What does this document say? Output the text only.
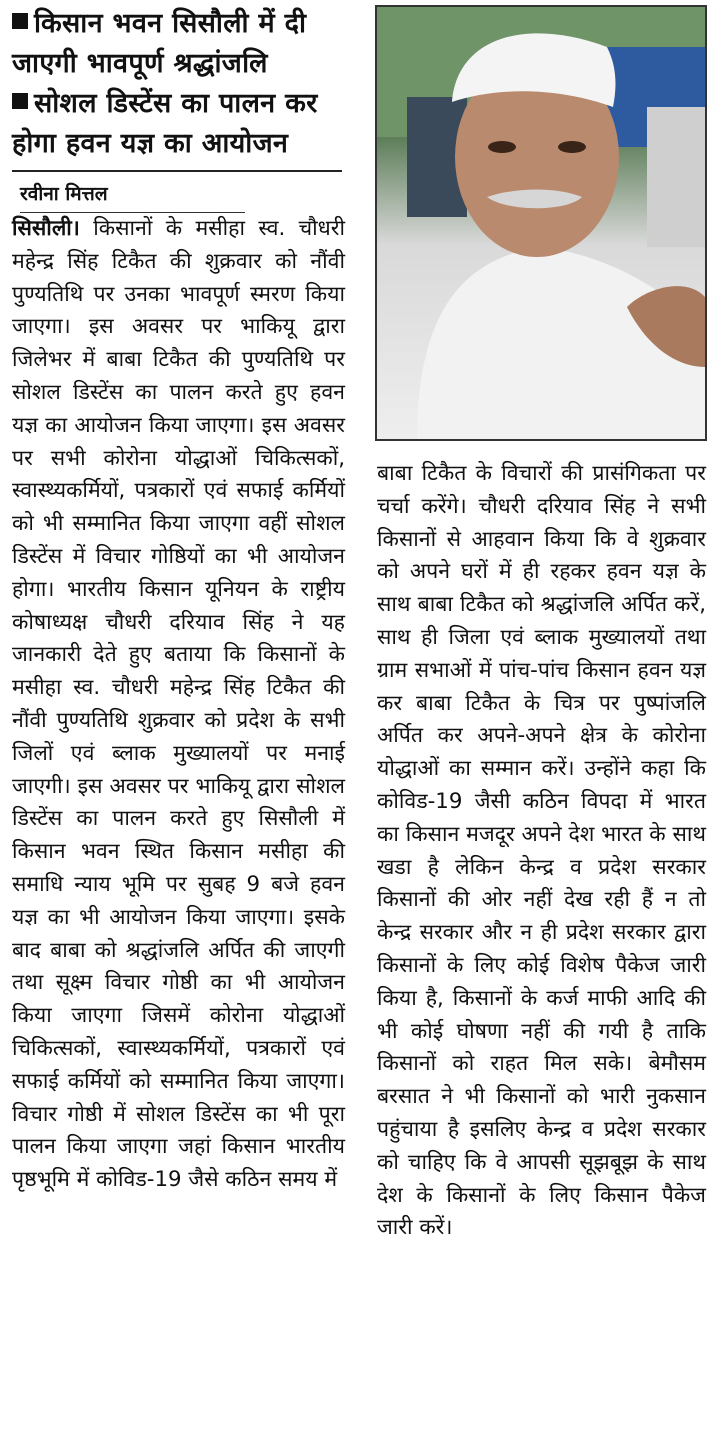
किसान भवन सिसौली में दी जाएगी भावपूर्ण श्रद्धांजलि

सोशल डिस्टेंस का पालन कर होगा हवन यज्ञ का आयोजन

रवीना मित्तल

सिसौली। किसानों के मसीहा स्व. चौधरी महेन्द्र सिंह टिकैत की शुक्रवार को नौंवी पुण्यतिथि पर उनका भावपूर्ण स्मरण किया जाएगा। इस अवसर पर भाकियू द्वारा जिलेभर में बाबा टिकैत की पुण्यतिथि पर सोशल डिस्टेंस का पालन करते हुए हवन यज्ञ का आयोजन किया जाएगा। इस अवसर पर सभी कोरोना योद्धाओं चिकित्सकों, स्वास्थ्यकर्मियों, पत्रकारों एवं सफाई कर्मियों को भी सम्मानित किया जाएगा वहीं सोशल डिस्टेंस में विचार गोष्ठियों का भी आयोजन होगा। भारतीय किसान यूनियन के राष्ट्रीय कोषाध्यक्ष चौधरी दरियाव सिंह ने यह जानकारी देते हुए बताया कि किसानों के मसीहा स्व. चौधरी महेन्द्र सिंह टिकैत की नौंवी पुण्यतिथि शुक्रवार को प्रदेश के सभी जिलों एवं ब्लाक मुख्यालयों पर मनाई जाएगी। इस अवसर पर भाकियू द्वारा सोशल डिस्टेंस का पालन करते हुए सिसौली में किसान भवन स्थित किसान मसीहा की समाधि न्याय भूमि पर सुबह 9 बजे हवन यज्ञ का भी आयोजन किया जाएगा। इसके बाद बाबा को श्रद्धांजलि अर्पित की जाएगी तथा सूक्ष्म विचार गोष्ठी का भी आयोजन किया जाएगा जिसमें कोरोना योद्धाओं चिकित्सकों, स्वास्थ्यकर्मियों, पत्रकारों एवं सफाई कर्मियों को सम्मानित किया जाएगा। विचार गोष्ठी में सोशल डिस्टेंस का भी पूरा पालन किया जाएगा जहां किसान भारतीय पृष्ठभूमि में कोविड-19 जैसे कठिन समय में

बाबा टिकैत के विचारों की प्रासंगिकता पर चर्चा करेंगे। चौधरी दरियाव सिंह ने सभी किसानों से आहवान किया कि वे शुक्रवार को अपने घरों में ही रहकर हवन यज्ञ के साथ बाबा टिकैत को श्रद्धांजलि अर्पित करें, साथ ही जिला एवं ब्लाक मुख्यालयों तथा ग्राम सभाओं में पांच-पांच किसान हवन यज्ञ कर बाबा टिकैत के चित्र पर पुष्पांजलि अर्पित कर अपने-अपने क्षेत्र के कोरोना योद्धाओं का सम्मान करें। उन्होंने कहा कि कोविड-19 जैसी कठिन विपदा में भारत का किसान मजदूर अपने देश भारत के साथ खडा है लेकिन केन्द्र व प्रदेश सरकार किसानों की ओर नहीं देख रही हैं न तो केन्द्र सरकार और न ही प्रदेश सरकार द्वारा किसानों के लिए कोई विशेष पैकेज जारी किया है, किसानों के कर्ज माफी आदि की भी कोई घोषणा नहीं की गयी है ताकि किसानों को राहत मिल सके। बेमौसम बरसात ने भी किसानों को भारी नुकसान पहुंचाया है इसलिए केन्द्र व प्रदेश सरकार को चाहिए कि वे आपसी सूझबूझ के साथ देश के किसानों के लिए किसान पैकेज जारी करें।
